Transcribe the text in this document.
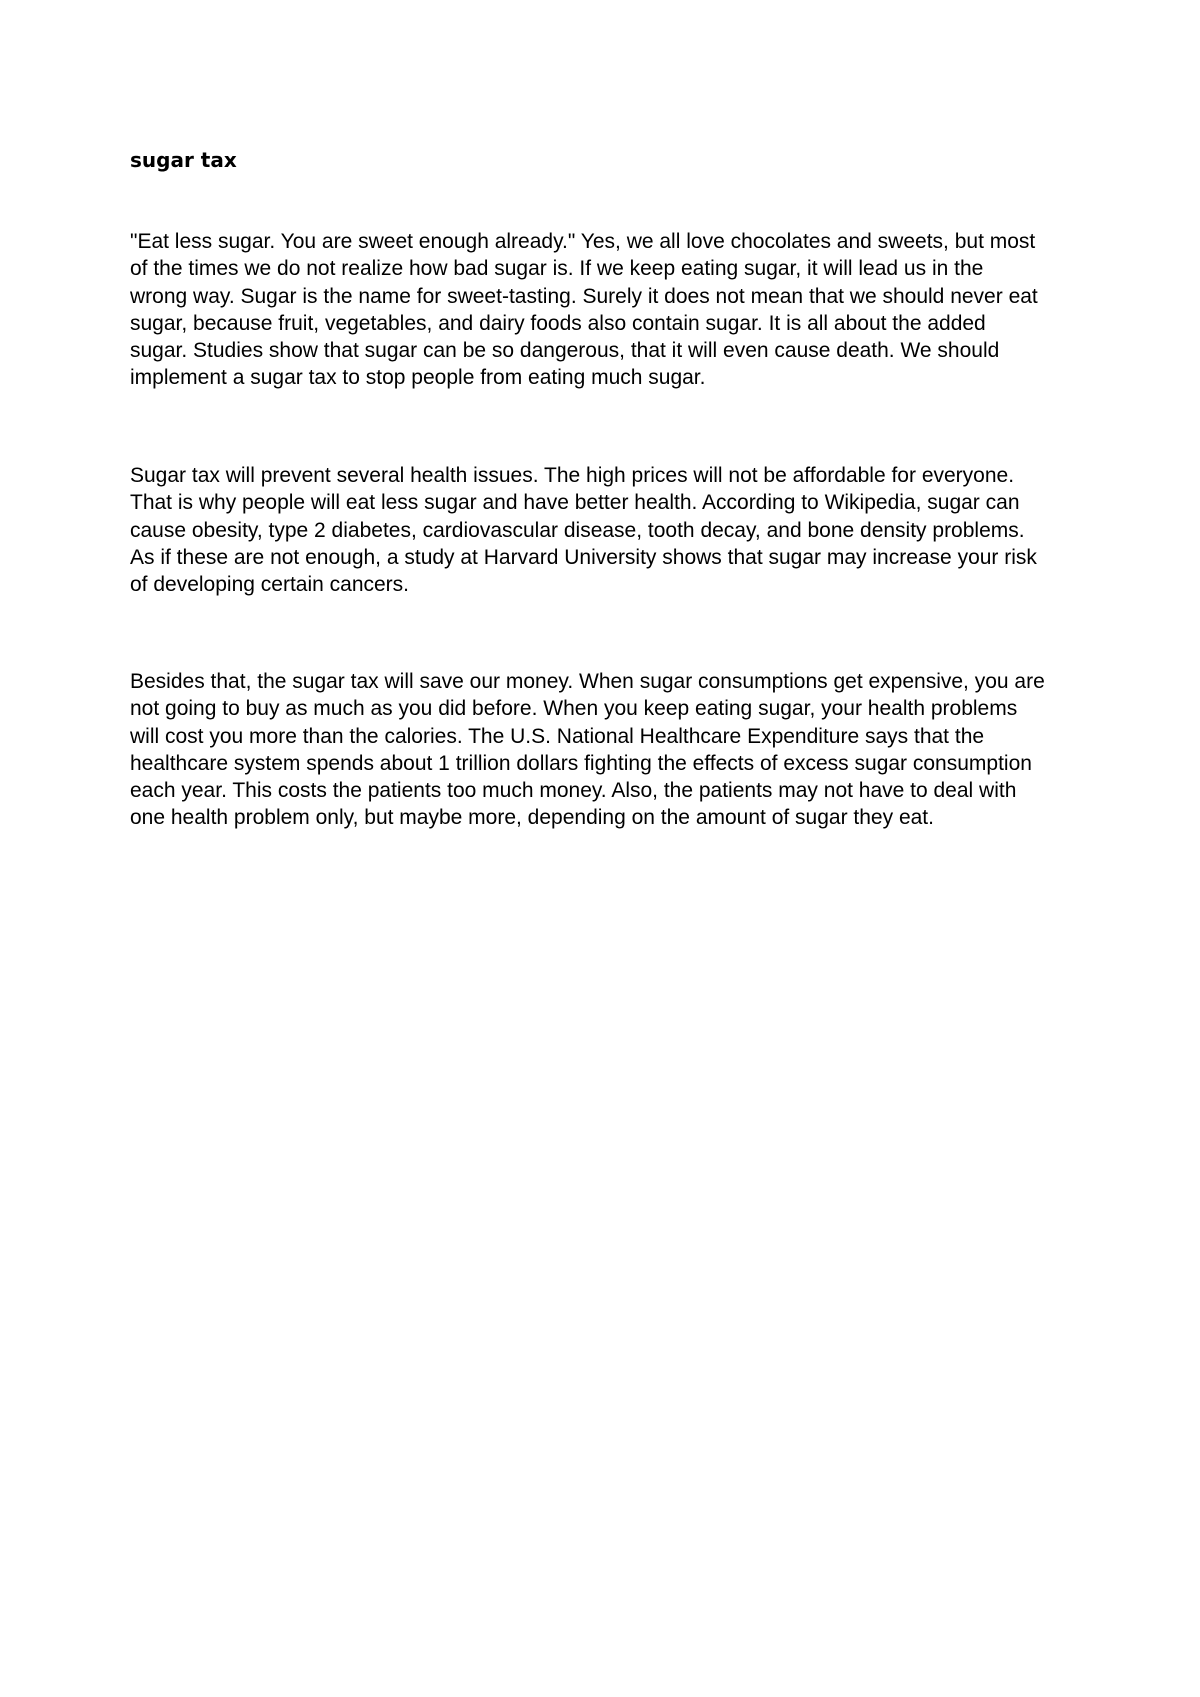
sugar tax

"Eat less sugar. You are sweet enough already." Yes, we all love chocolates and sweets, but most of the times we do not realize how bad sugar is. If we keep eating sugar, it will lead us in the wrong way. Sugar is the name for sweet-tasting. Surely it does not mean that we should never eat sugar, because fruit, vegetables, and dairy foods also contain sugar. It is all about the added sugar. Studies show that sugar can be so dangerous, that it will even cause death. We should implement a sugar tax to stop people from eating much sugar.

Sugar tax will prevent several health issues. The high prices will not be affordable for everyone. That is why people will eat less sugar and have better health. According to Wikipedia, sugar can cause obesity, type 2 diabetes, cardiovascular disease, tooth decay, and bone density problems. As if these are not enough, a study at Harvard University shows that sugar may increase your risk of developing certain cancers.

Besides that, the sugar tax will save our money. When sugar consumptions get expensive, you are not going to buy as much as you did before. When you keep eating sugar, your health problems will cost you more than the calories. The U.S. National Healthcare Expenditure says that the healthcare system spends about 1 trillion dollars fighting the effects of excess sugar consumption each year. This costs the patients too much money. Also, the patients may not have to deal with one health problem only, but maybe more, depending on the amount of sugar they eat.
